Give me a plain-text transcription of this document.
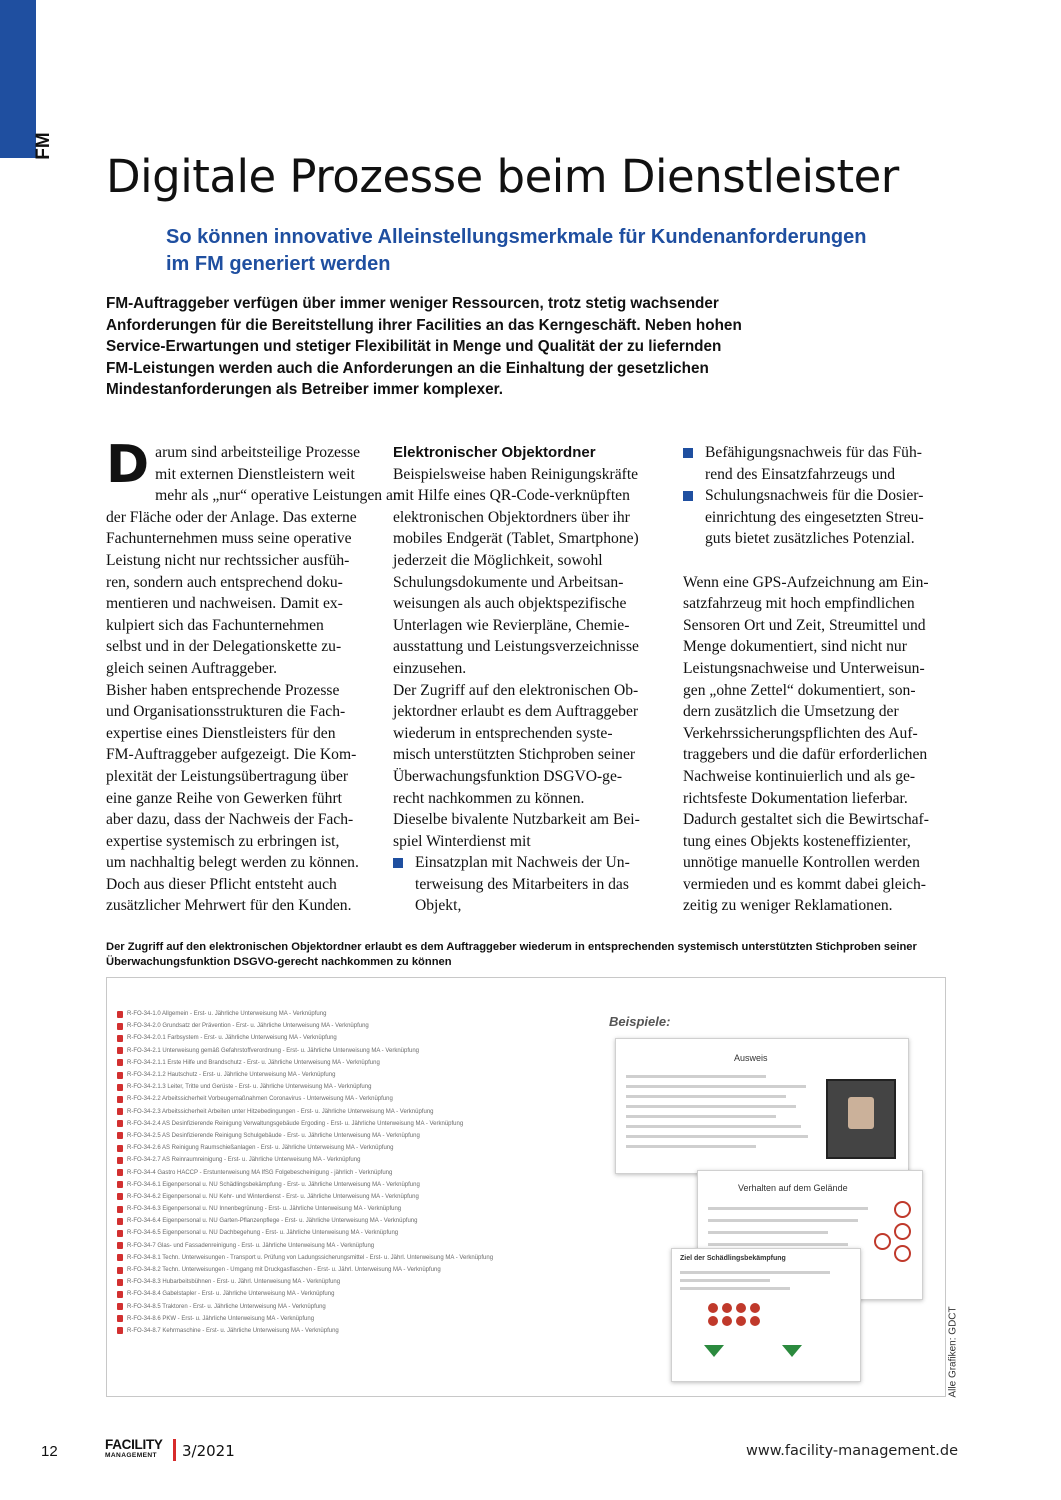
FM
Digitale Prozesse beim Dienstleister

So können innovative Alleinstellungsmerkmale für Kundenanforderungen
im FM generiert werden

FM-Auftraggeber verfügen über immer weniger Ressourcen, trotz stetig wachsender
Anforderungen für die Bereitstellung ihrer Facilities an das Kerngeschäft. Neben hohen
Service-Erwartungen und stetiger Flexibilität in Menge und Qualität der zu liefernden
FM-Leistungen werden auch die Anforderungen an die Einhaltung der gesetzlichen
Mindestanforderungen als Betreiber immer komplexer.

D arum sind arbeitsteilige Prozesse
mit externen Dienstleistern weit
mehr als „nur“ operative Leistungen an
der Fläche oder der Anlage. Das externe
Fachunternehmen muss seine operative
Leistung nicht nur rechtssicher ausfüh-
ren, sondern auch entsprechend doku-
mentieren und nachweisen. Damit ex-
kulpiert sich das Fachunternehmen
selbst und in der Delegationskette zu-
gleich seinen Auftraggeber.
Bisher haben entsprechende Prozesse
und Organisationsstrukturen die Fach-
expertise eines Dienstleisters für den
FM-Auftraggeber aufgezeigt. Die Kom-
plexität der Leistungsübertragung über
eine ganze Reihe von Gewerken führt
aber dazu, dass der Nachweis der Fach-
expertise systemisch zu erbringen ist,
um nachhaltig belegt werden zu können.
Doch aus dieser Pflicht entsteht auch
zusätzlicher Mehrwert für den Kunden.
Elektronischer Objektordner
Beispielsweise haben Reinigungskräfte
mit Hilfe eines QR-Code-verknüpften
elektronischen Objektordners über ihr
mobiles Endgerät (Tablet, Smartphone)
jederzeit die Möglichkeit, sowohl
Schulungsdokumente und Arbeitsan-
weisungen als auch objektspezifische
Unterlagen wie Revierpläne, Chemie-
ausstattung und Leistungsverzeichnisse
einzusehen.
Der Zugriff auf den elektronischen Ob-
jektordner erlaubt es dem Auftraggeber
wiederum in entsprechenden syste-
misch unterstützten Stichproben seiner
Überwachungsfunktion DSGVO-ge-
recht nachkommen zu können.
Dieselbe bivalente Nutzbarkeit am Bei-
spiel Winterdienst mit
Einsatzplan mit Nachweis der Un-
terweisung des Mitarbeiters in das
Objekt,
Befähigungsnachweis für das Füh-
rend des Einsatzfahrzeugs und
Schulungsnachweis für die Dosier-
einrichtung des eingesetzten Streu-
guts bietet zusätzliches Potenzial.
Wenn eine GPS-Aufzeichnung am Ein-
satzfahrzeug mit hoch empfindlichen
Sensoren Ort und Zeit, Streumittel und
Menge dokumentiert, sind nicht nur
Leistungsnachweise und Unterweisun-
gen „ohne Zettel“ dokumentiert, son-
dern zusätzlich die Umsetzung der
Verkehrssicherungspflichten des Auf-
traggebers und die dafür erforderlichen
Nachweise kontinuierlich und als ge-
richtsfeste Dokumentation lieferbar.
Dadurch gestaltet sich die Bewirtschaf-
tung eines Objekts kosteneffizienter,
unnötige manuelle Kontrollen werden
vermieden und es kommt dabei gleich-
zeitig zu weniger Reklamationen.

Der Zugriff auf den elektronischen Objektordner erlaubt es dem Auftraggeber wiederum in entsprechenden systemisch unterstützten Stichproben seiner
Überwachungsfunktion DSGVO-gerecht nachkommen zu können

R-FO-34-1.0 Allgemein - Erst- u. Jährliche Unterweisung MA - Verknüpfung
R-FO-34-2.0 Grundsatz der Prävention - Erst- u. Jährliche Unterweisung MA - Verknüpfung
R-FO-34-2.0.1 Farbsystem - Erst- u. Jährliche Unterweisung MA - Verknüpfung
R-FO-34-2.1 Unterweisung gemäß Gefahrstoffverordnung - Erst- u. Jährliche Unterweisung MA - Verknüpfung
R-FO-34-2.1.1 Erste Hilfe und Brandschutz - Erst- u. Jährliche Unterweisung MA - Verknüpfung
R-FO-34-2.1.2 Hautschutz - Erst- u. Jährliche Unterweisung MA - Verknüpfung
R-FO-34-2.1.3 Leiter, Tritte und Gerüste - Erst- u. Jährliche Unterweisung MA - Verknüpfung
R-FO-34-2.2 Arbeitssicherheit Vorbeugemaßnahmen Coronavirus - Unterweisung MA - Verknüpfung
R-FO-34-2.3 Arbeitssicherheit Arbeiten unter Hitzebedingungen - Erst- u. Jährliche Unterweisung MA - Verknüpfung
R-FO-34-2.4 AS Desinfizierende Reinigung Verwaltungsgebäude Ergoding - Erst- u. Jährliche Unterweisung MA - Verknüpfung
R-FO-34-2.5 AS Desinfizierende Reinigung Schulgebäude - Erst- u. Jährliche Unterweisung MA - Verknüpfung
R-FO-34-2.6 AS Reinigung Raumschießanlagen - Erst- u. Jährliche Unterweisung MA - Verknüpfung
R-FO-34-2.7 AS Reinraumreinigung - Erst- u. Jährliche Unterweisung MA - Verknüpfung
R-FO-34-4 Gastro HACCP - Erstunterweisung MA IfSG Folgebescheinigung - jährlich - Verknüpfung
R-FO-34-6.1 Eigenpersonal u. NU Schädlingsbekämpfung - Erst- u. Jährliche Unterweisung MA - Verknüpfung
R-FO-34-6.2 Eigenpersonal u. NU Kehr- und Winterdienst - Erst- u. Jährliche Unterweisung MA - Verknüpfung
R-FO-34-6.3 Eigenpersonal u. NU Innenbegrünung - Erst- u. Jährliche Unterweisung MA - Verknüpfung
R-FO-34-6.4 Eigenpersonal u. NU Garten-Pflanzenpflege - Erst- u. Jährliche Unterweisung MA - Verknüpfung
R-FO-34-6.5 Eigenpersonal u. NU Dachbegehung - Erst- u. Jährliche Unterweisung MA - Verknüpfung
R-FO-34-7 Glas- und Fassadenreinigung - Erst- u. Jährliche Unterweisung MA - Verknüpfung
R-FO-34-8.1 Techn. Unterweisungen - Transport u. Prüfung von Ladungssicherungsmittel - Erst- u. Jährl. Unterweisung MA - Verknüpfung
R-FO-34-8.2 Techn. Unterweisungen - Umgang mit Druckgasflaschen - Erst- u. Jährl. Unterweisung MA - Verknüpfung
R-FO-34-8.3 Hubarbeitsbühnen - Erst- u. Jährl. Unterweisung MA - Verknüpfung
R-FO-34-8.4 Gabelstapler - Erst- u. Jährliche Unterweisung MA - Verknüpfung
R-FO-34-8.5 Traktoren - Erst- u. Jährliche Unterweisung MA - Verknüpfung
R-FO-34-8.6 PKW - Erst- u. Jährliche Unterweisung MA - Verknüpfung
R-FO-34-8.7 Kehrmaschine - Erst- u. Jährliche Unterweisung MA - Verknüpfung
Beispiele:
Ausweis
Verhalten auf dem Gelände
Ziel der Schädlingsbekämpfung
Alle Grafiken: GDCT
12	FACILITY
MANAGEMENT 3/2021	www.facility-management.de
